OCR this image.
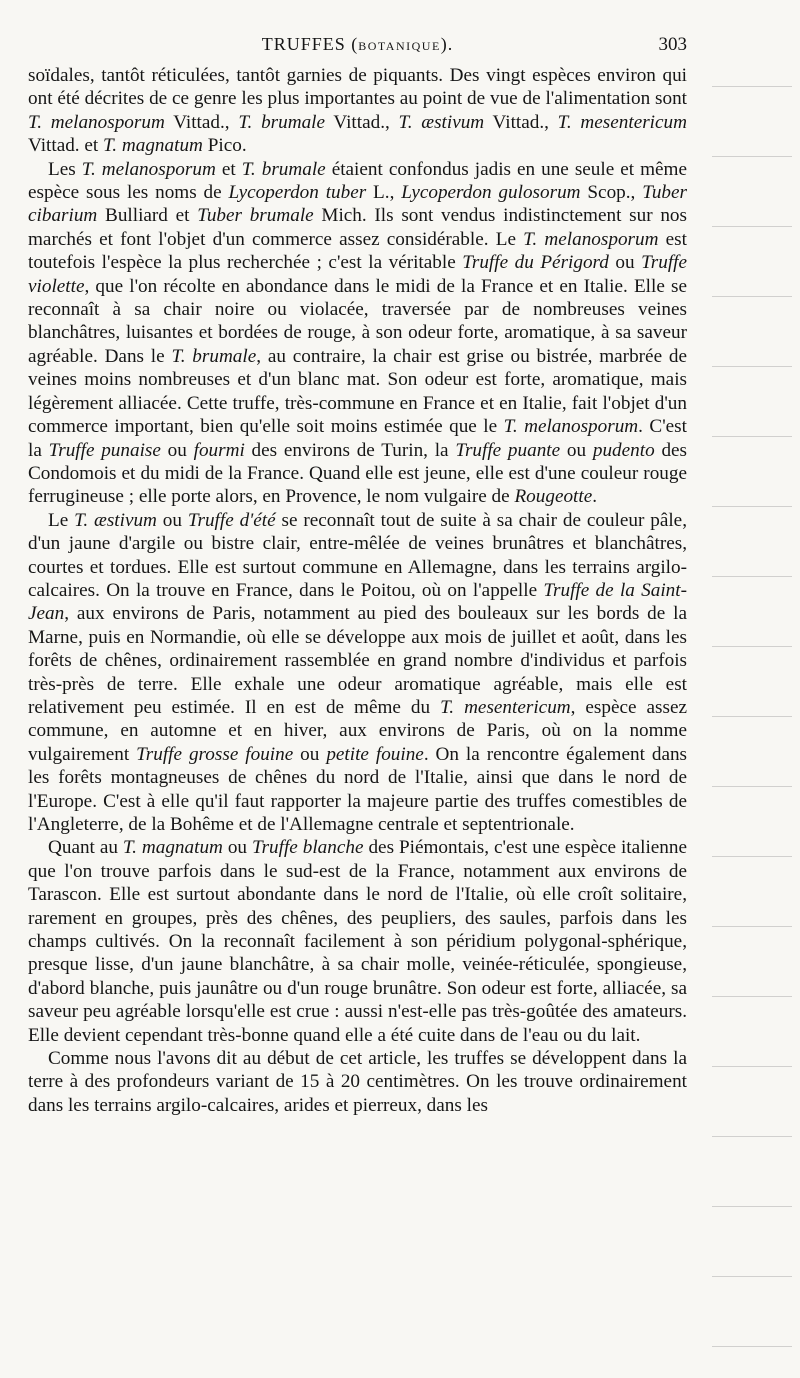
TRUFFES (BOTANIQUE).	303

soïdales, tantôt réticulées, tantôt garnies de piquants. Des vingt espèces environ qui ont été décrites de ce genre les plus importantes au point de vue de l'alimentation sont T. melanosporum Vittad., T. brumale Vittad., T. æstivum Vittad., T. mesentericum Vittad. et T. magnatum Pico.

Les T. melanosporum et T. brumale étaient confondus jadis en une seule et même espèce sous les noms de Lycoperdon tuber L., Lycoperdon gulosorum Scop., Tuber cibarium Bulliard et Tuber brumale Mich. Ils sont vendus indistinctement sur nos marchés et font l'objet d'un commerce assez considérable. Le T. melanosporum est toutefois l'espèce la plus recherchée ; c'est la véritable Truffe du Périgord ou Truffe violette, que l'on récolte en abondance dans le midi de la France et en Italie. Elle se reconnaît à sa chair noire ou violacée, traversée par de nombreuses veines blanchâtres, luisantes et bordées de rouge, à son odeur forte, aromatique, à sa saveur agréable. Dans le T. brumale, au contraire, la chair est grise ou bistrée, marbrée de veines moins nombreuses et d'un blanc mat. Son odeur est forte, aromatique, mais légèrement alliacée. Cette truffe, très-commune en France et en Italie, fait l'objet d'un commerce important, bien qu'elle soit moins estimée que le T. melanosporum. C'est la Truffe punaise ou fourmi des environs de Turin, la Truffe puante ou pudento des Condomois et du midi de la France. Quand elle est jeune, elle est d'une couleur rouge ferrugineuse ; elle porte alors, en Provence, le nom vulgaire de Rougeotte.

Le T. æstivum ou Truffe d'été se reconnaît tout de suite à sa chair de couleur pâle, d'un jaune d'argile ou bistre clair, entre-mêlée de veines brunâtres et blanchâtres, courtes et tordues. Elle est surtout commune en Allemagne, dans les terrains argilo-calcaires. On la trouve en France, dans le Poitou, où on l'appelle Truffe de la Saint-Jean, aux environs de Paris, notamment au pied des bouleaux sur les bords de la Marne, puis en Normandie, où elle se développe aux mois de juillet et août, dans les forêts de chênes, ordinairement rassemblée en grand nombre d'individus et parfois très-près de terre. Elle exhale une odeur aromatique agréable, mais elle est relativement peu estimée. Il en est de même du T. mesentericum, espèce assez commune, en automne et en hiver, aux environs de Paris, où on la nomme vulgairement Truffe grosse fouine ou petite fouine. On la rencontre également dans les forêts montagneuses de chênes du nord de l'Italie, ainsi que dans le nord de l'Europe. C'est à elle qu'il faut rapporter la majeure partie des truffes comestibles de l'Angleterre, de la Bohême et de l'Allemagne centrale et septentrionale.

Quant au T. magnatum ou Truffe blanche des Piémontais, c'est une espèce italienne que l'on trouve parfois dans le sud-est de la France, notamment aux environs de Tarascon. Elle est surtout abondante dans le nord de l'Italie, où elle croît solitaire, rarement en groupes, près des chênes, des peupliers, des saules, parfois dans les champs cultivés. On la reconnaît facilement à son péridium polygonal-sphérique, presque lisse, d'un jaune blanchâtre, à sa chair molle, veinée-réticulée, spongieuse, d'abord blanche, puis jaunâtre ou d'un rouge brunâtre. Son odeur est forte, alliacée, sa saveur peu agréable lorsqu'elle est crue : aussi n'est-elle pas très-goûtée des amateurs. Elle devient cependant très-bonne quand elle a été cuite dans de l'eau ou du lait.

Comme nous l'avons dit au début de cet article, les truffes se développent dans la terre à des profondeurs variant de 15 à 20 centimètres. On les trouve ordinairement dans les terrains argilo-calcaires, arides et pierreux, dans les
